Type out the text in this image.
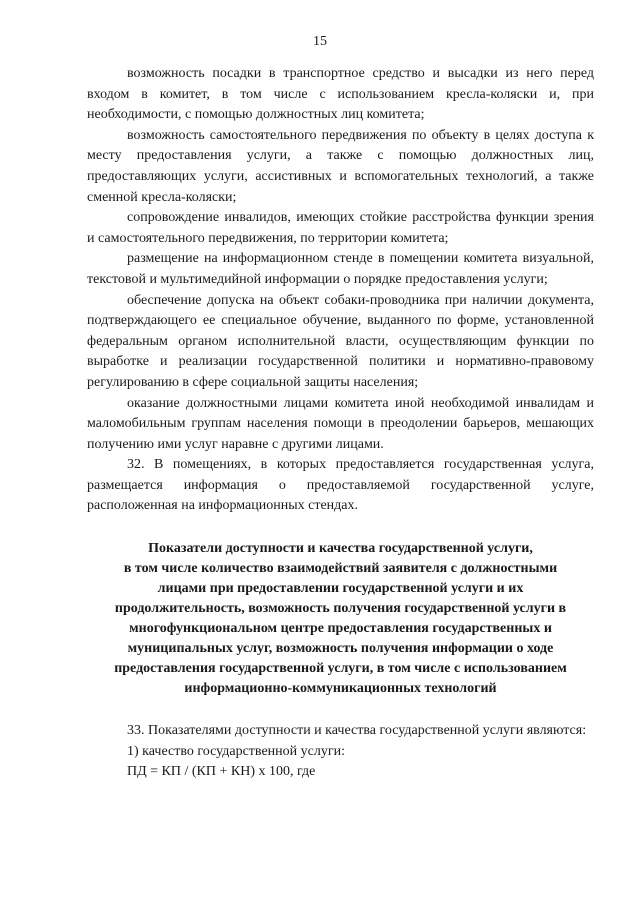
15

возможность посадки в транспортное средство и высадки из него перед входом в комитет, в том числе с использованием кресла-коляски и, при необходимости, с помощью должностных лиц комитета;

возможность самостоятельного передвижения по объекту в целях доступа к месту предоставления услуги, а также с помощью должностных лиц, предоставляющих услуги, ассистивных и вспомогательных технологий, а также сменной кресла-коляски;

сопровождение инвалидов, имеющих стойкие расстройства функции зрения и самостоятельного передвижения, по территории комитета;

размещение на информационном стенде в помещении комитета визуальной, текстовой и мультимедийной информации о порядке предоставления услуги;

обеспечение допуска на объект собаки-проводника при наличии документа, подтверждающего ее специальное обучение, выданного по форме, установленной федеральным органом исполнительной власти, осуществляющим функции по выработке и реализации государственной политики и нормативно-правовому регулированию в сфере социальной защиты населения;

оказание должностными лицами комитета иной необходимой инвалидам и маломобильным группам населения помощи в преодолении барьеров, мешающих получению ими услуг наравне с другими лицами.

32. В помещениях, в которых предоставляется государственная услуга, размещается информация о предоставляемой государственной услуге, расположенная на информационных стендах.

Показатели доступности и качества государственной услуги,
в том числе количество взаимодействий заявителя с должностными
лицами при предоставлении государственной услуги и их
продолжительность, возможность получения государственной услуги в
многофункциональном центре предоставления государственных и
муниципальных услуг, возможность получения информации о ходе
предоставления государственной услуги, в том числе с использованием
информационно-коммуникационных технологий

33. Показателями доступности и качества государственной услуги являются:

1) качество государственной услуги:

ПД = КП / (КП + КН) x 100, где
